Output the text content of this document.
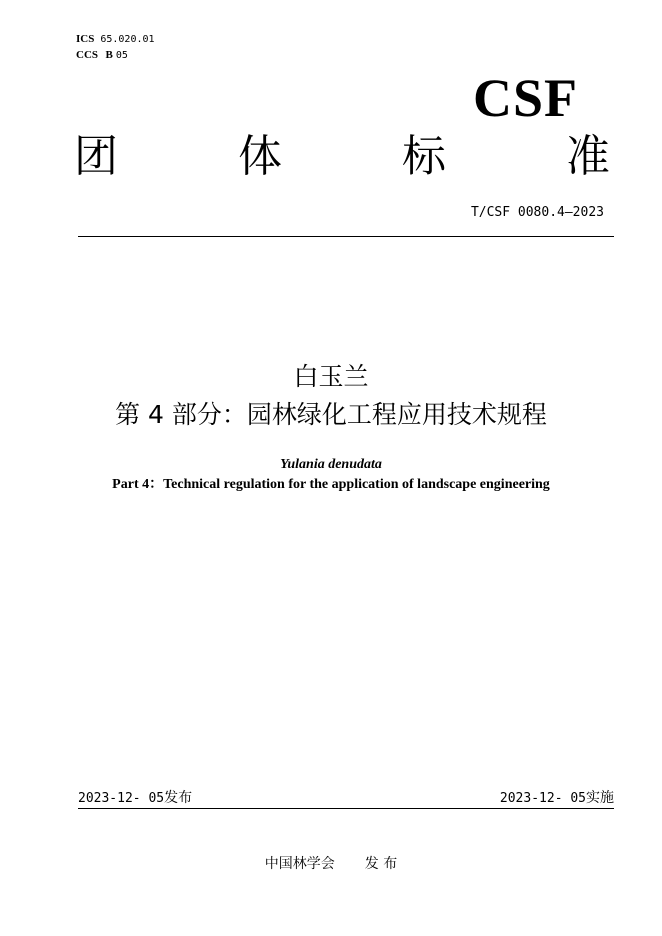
ICS 65.020.01
CCS B 05
CSF
团	体	标	准
T/CSF 0080.4—2023
白玉兰
第 4 部分：园林绿化工程应用技术规程
Yulania denudata
Part 4：Technical regulation for the application of landscape engineering
2023-12- 05发布	2023-12- 05实施
中国林学会 发 布
